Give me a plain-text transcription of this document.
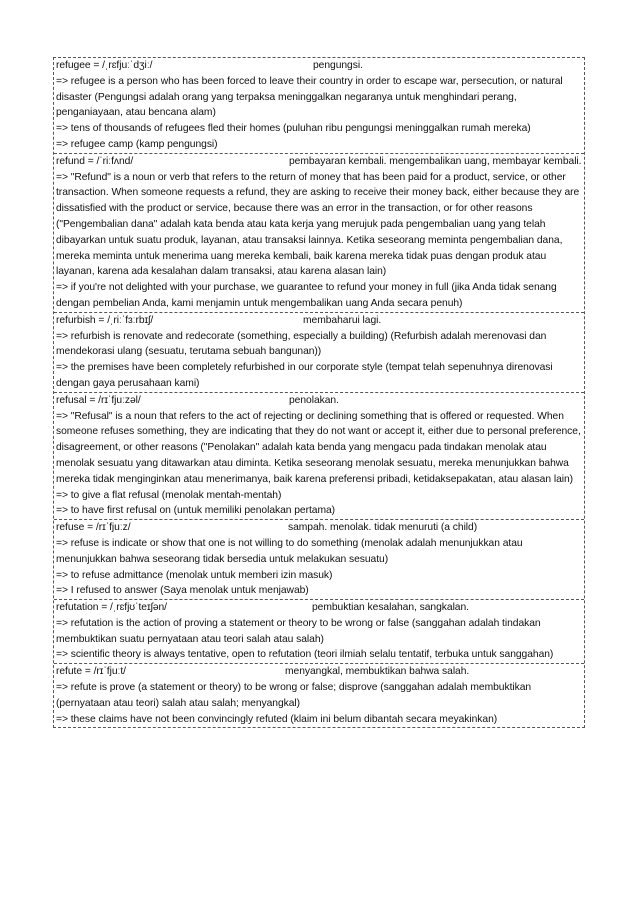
refugee = /ˌrɛfjuːˈdʒiː/	pengungsi.
=> refugee is a person who has been forced to leave their country in order to escape war, persecution, or natural disaster (Pengungsi adalah orang yang terpaksa meninggalkan negaranya untuk menghindari perang, penganiayaan, atau bencana alam)
=> tens of thousands of refugees fled their homes (puluhan ribu pengungsi meninggalkan rumah mereka)
=> refugee camp (kamp pengungsi)
refund = /ˈriːfʌnd/	pembayaran kembali. mengembalikan uang, membayar kembali.
=> "Refund" is a noun or verb that refers to the return of money that has been paid for a product, service, or other transaction. When someone requests a refund, they are asking to receive their money back, either because they are dissatisfied with the product or service, because there was an error in the transaction, or for other reasons ("Pengembalian dana" adalah kata benda atau kata kerja yang merujuk pada pengembalian uang yang telah dibayarkan untuk suatu produk, layanan, atau transaksi lainnya. Ketika seseorang meminta pengembalian dana, mereka meminta untuk menerima uang mereka kembali, baik karena mereka tidak puas dengan produk atau layanan, karena ada kesalahan dalam transaksi, atau karena alasan lain)
=> if you're not delighted with your purchase, we guarantee to refund your money in full (jika Anda tidak senang dengan pembelian Anda, kami menjamin untuk mengembalikan uang Anda secara penuh)
refurbish = /ˌriːˈfɜːrbɪʃ/	membaharui lagi.
=> refurbish is renovate and redecorate (something, especially a building) (Refurbish adalah merenovasi dan mendekorasi ulang (sesuatu, terutama sebuah bangunan))
=> the premises have been completely refurbished in our corporate style (tempat telah sepenuhnya direnovasi dengan gaya perusahaan kami)
refusal = /rɪˈfjuːzəl/	penolakan.
=> "Refusal" is a noun that refers to the act of rejecting or declining something that is offered or requested. When someone refuses something, they are indicating that they do not want or accept it, either due to personal preference, disagreement, or other reasons ("Penolakan" adalah kata benda yang mengacu pada tindakan menolak atau menolak sesuatu yang ditawarkan atau diminta. Ketika seseorang menolak sesuatu, mereka menunjukkan bahwa mereka tidak menginginkan atau menerimanya, baik karena preferensi pribadi, ketidaksepakatan, atau alasan lain)
=> to give a flat refusal (menolak mentah-mentah)
=> to have first refusal on (untuk memiliki penolakan pertama)
refuse = /rɪˈfjuːz/	sampah. menolak. tidak menuruti (a child)
=> refuse is indicate or show that one is not willing to do something (menolak adalah menunjukkan atau menunjukkan bahwa seseorang tidak bersedia untuk melakukan sesuatu)
=> to refuse admittance (menolak untuk memberi izin masuk)
=> I refused to answer (Saya menolak untuk menjawab)
refutation = /ˌrɛfjʊˈteɪʃən/	pembuktian kesalahan, sangkalan.
=> refutation is the action of proving a statement or theory to be wrong or false (sanggahan adalah tindakan membuktikan suatu pernyataan atau teori salah atau salah)
=> scientific theory is always tentative, open to refutation (teori ilmiah selalu tentatif, terbuka untuk sanggahan)
refute = /rɪˈfjuːt/	menyangkal, membuktikan bahwa salah.
=> refute is prove (a statement or theory) to be wrong or false; disprove (sanggahan adalah membuktikan (pernyataan atau teori) salah atau salah; menyangkal)
=> these claims have not been convincingly refuted (klaim ini belum dibantah secara meyakinkan)
